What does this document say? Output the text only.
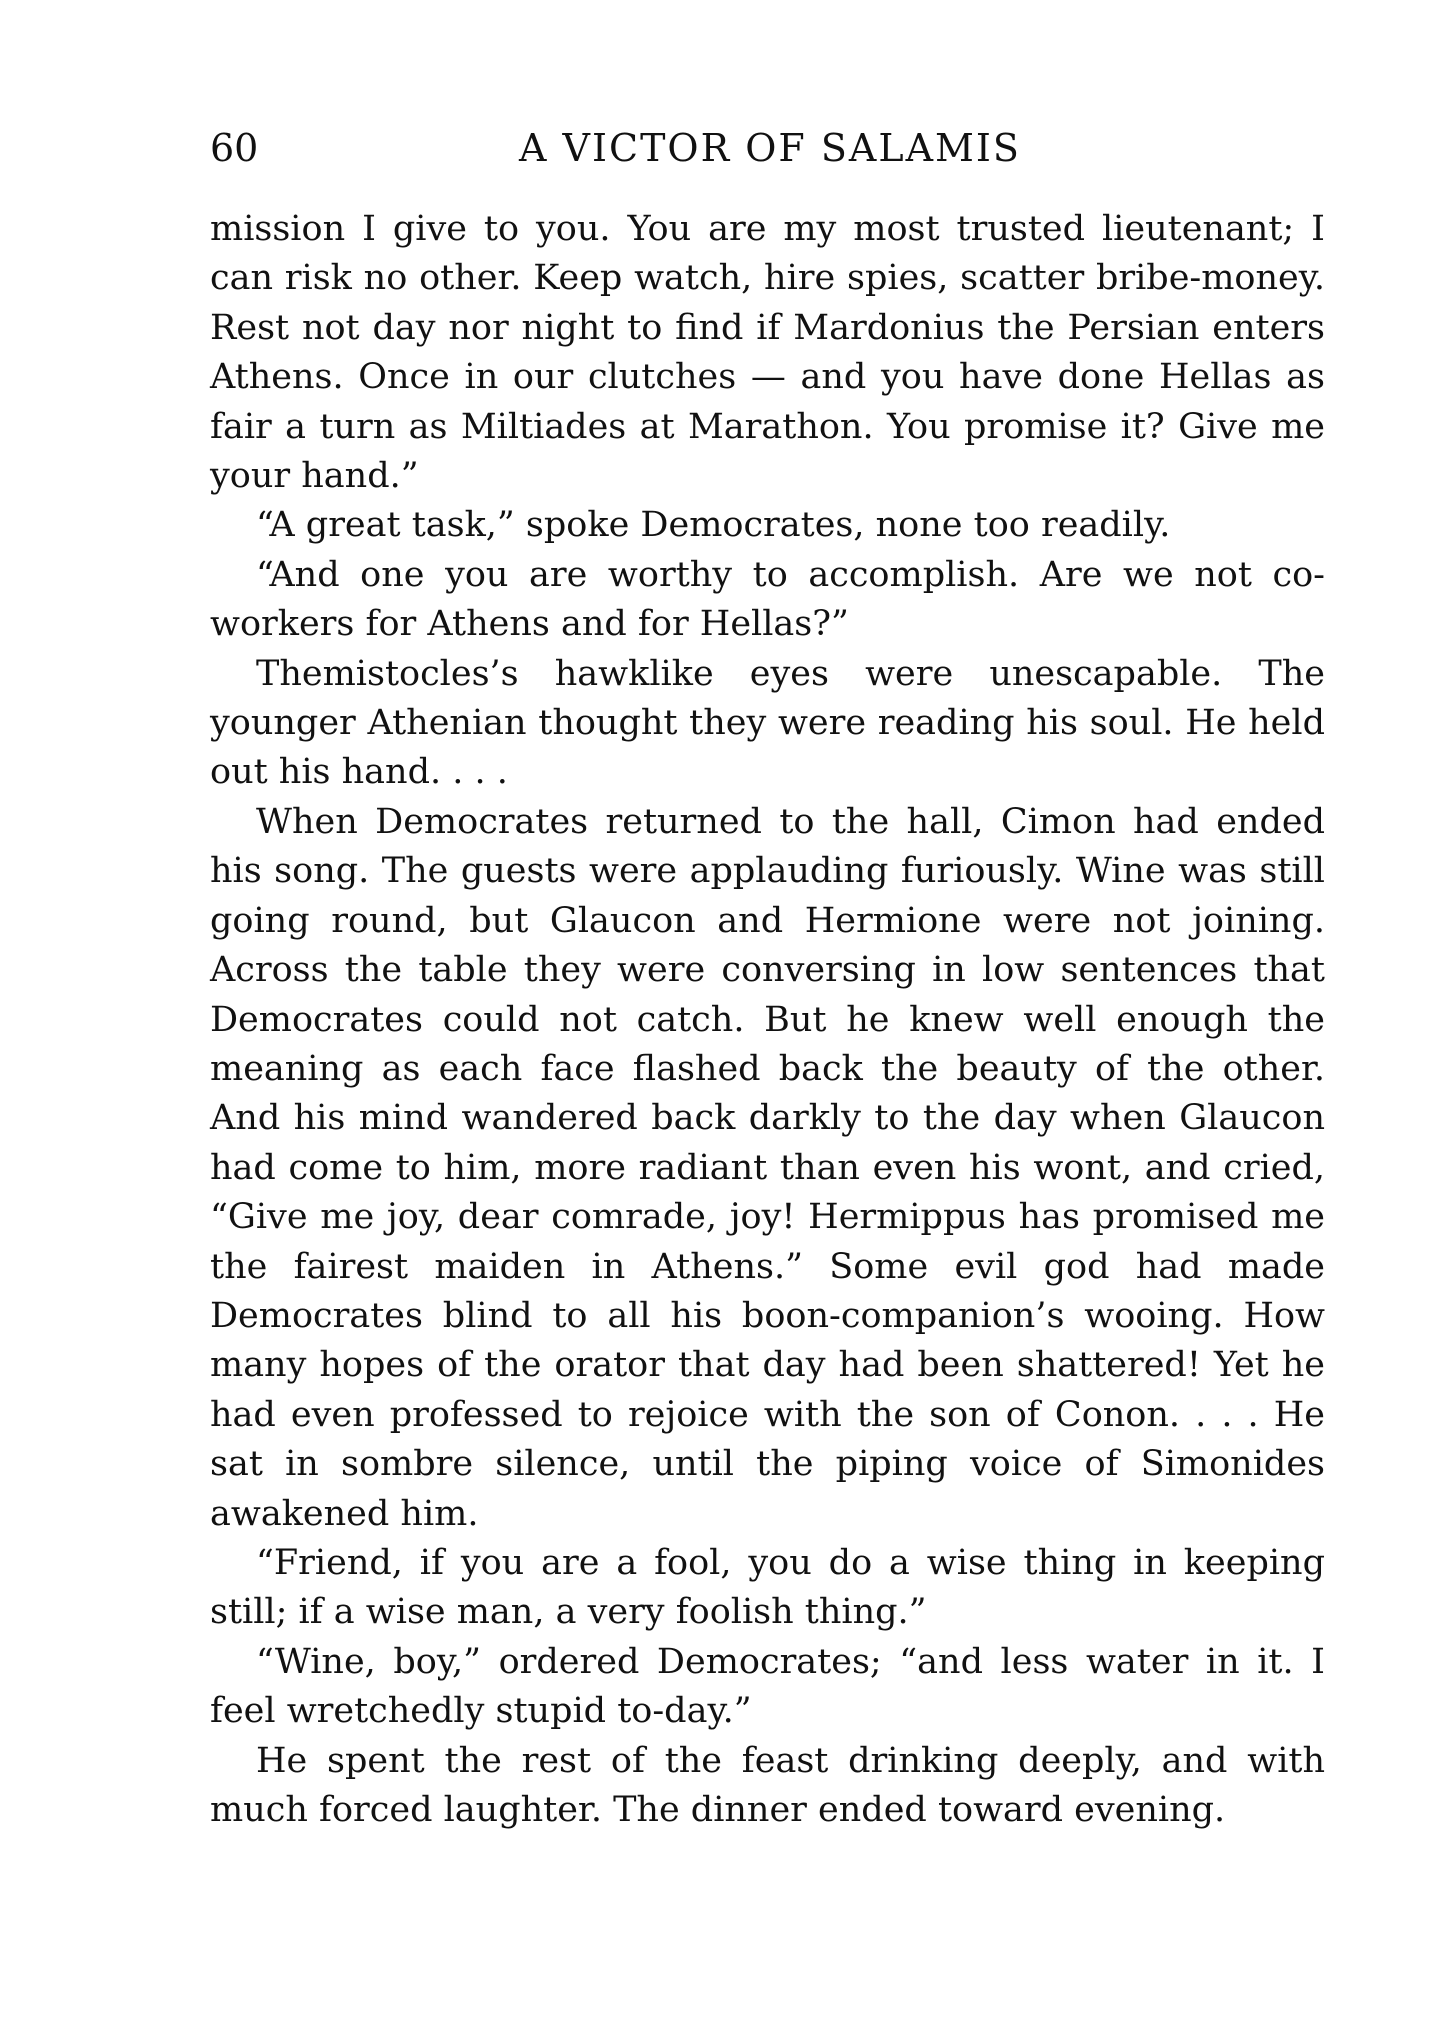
60	A VICTOR OF SALAMIS

mission I give to you. You are my most trusted lieutenant; I can risk no other. Keep watch, hire spies, scatter bribe-money. Rest not day nor night to find if Mardonius the Persian enters Athens. Once in our clutches — and you have done Hellas as fair a turn as Miltiades at Marathon. You promise it? Give me your hand.”

“A great task,” spoke Democrates, none too readily.

“And one you are worthy to accomplish. Are we not co-workers for Athens and for Hellas?”

Themistocles’s hawklike eyes were unescapable. The younger Athenian thought they were reading his soul. He held out his hand. . . .

When Democrates returned to the hall, Cimon had ended his song. The guests were applauding furiously. Wine was still going round, but Glaucon and Hermione were not joining. Across the table they were conversing in low sentences that Democrates could not catch. But he knew well enough the meaning as each face flashed back the beauty of the other. And his mind wandered back darkly to the day when Glaucon had come to him, more radiant than even his wont, and cried, “Give me joy, dear comrade, joy! Hermippus has promised me the fairest maiden in Athens.” Some evil god had made Democrates blind to all his boon-companion’s wooing. How many hopes of the orator that day had been shattered! Yet he had even professed to rejoice with the son of Conon. . . . He sat in sombre silence, until the piping voice of Simonides awakened him.

“Friend, if you are a fool, you do a wise thing in keeping still; if a wise man, a very foolish thing.”

“Wine, boy,” ordered Democrates; “and less water in it. I feel wretchedly stupid to-day.”

He spent the rest of the feast drinking deeply, and with much forced laughter. The dinner ended toward evening.
